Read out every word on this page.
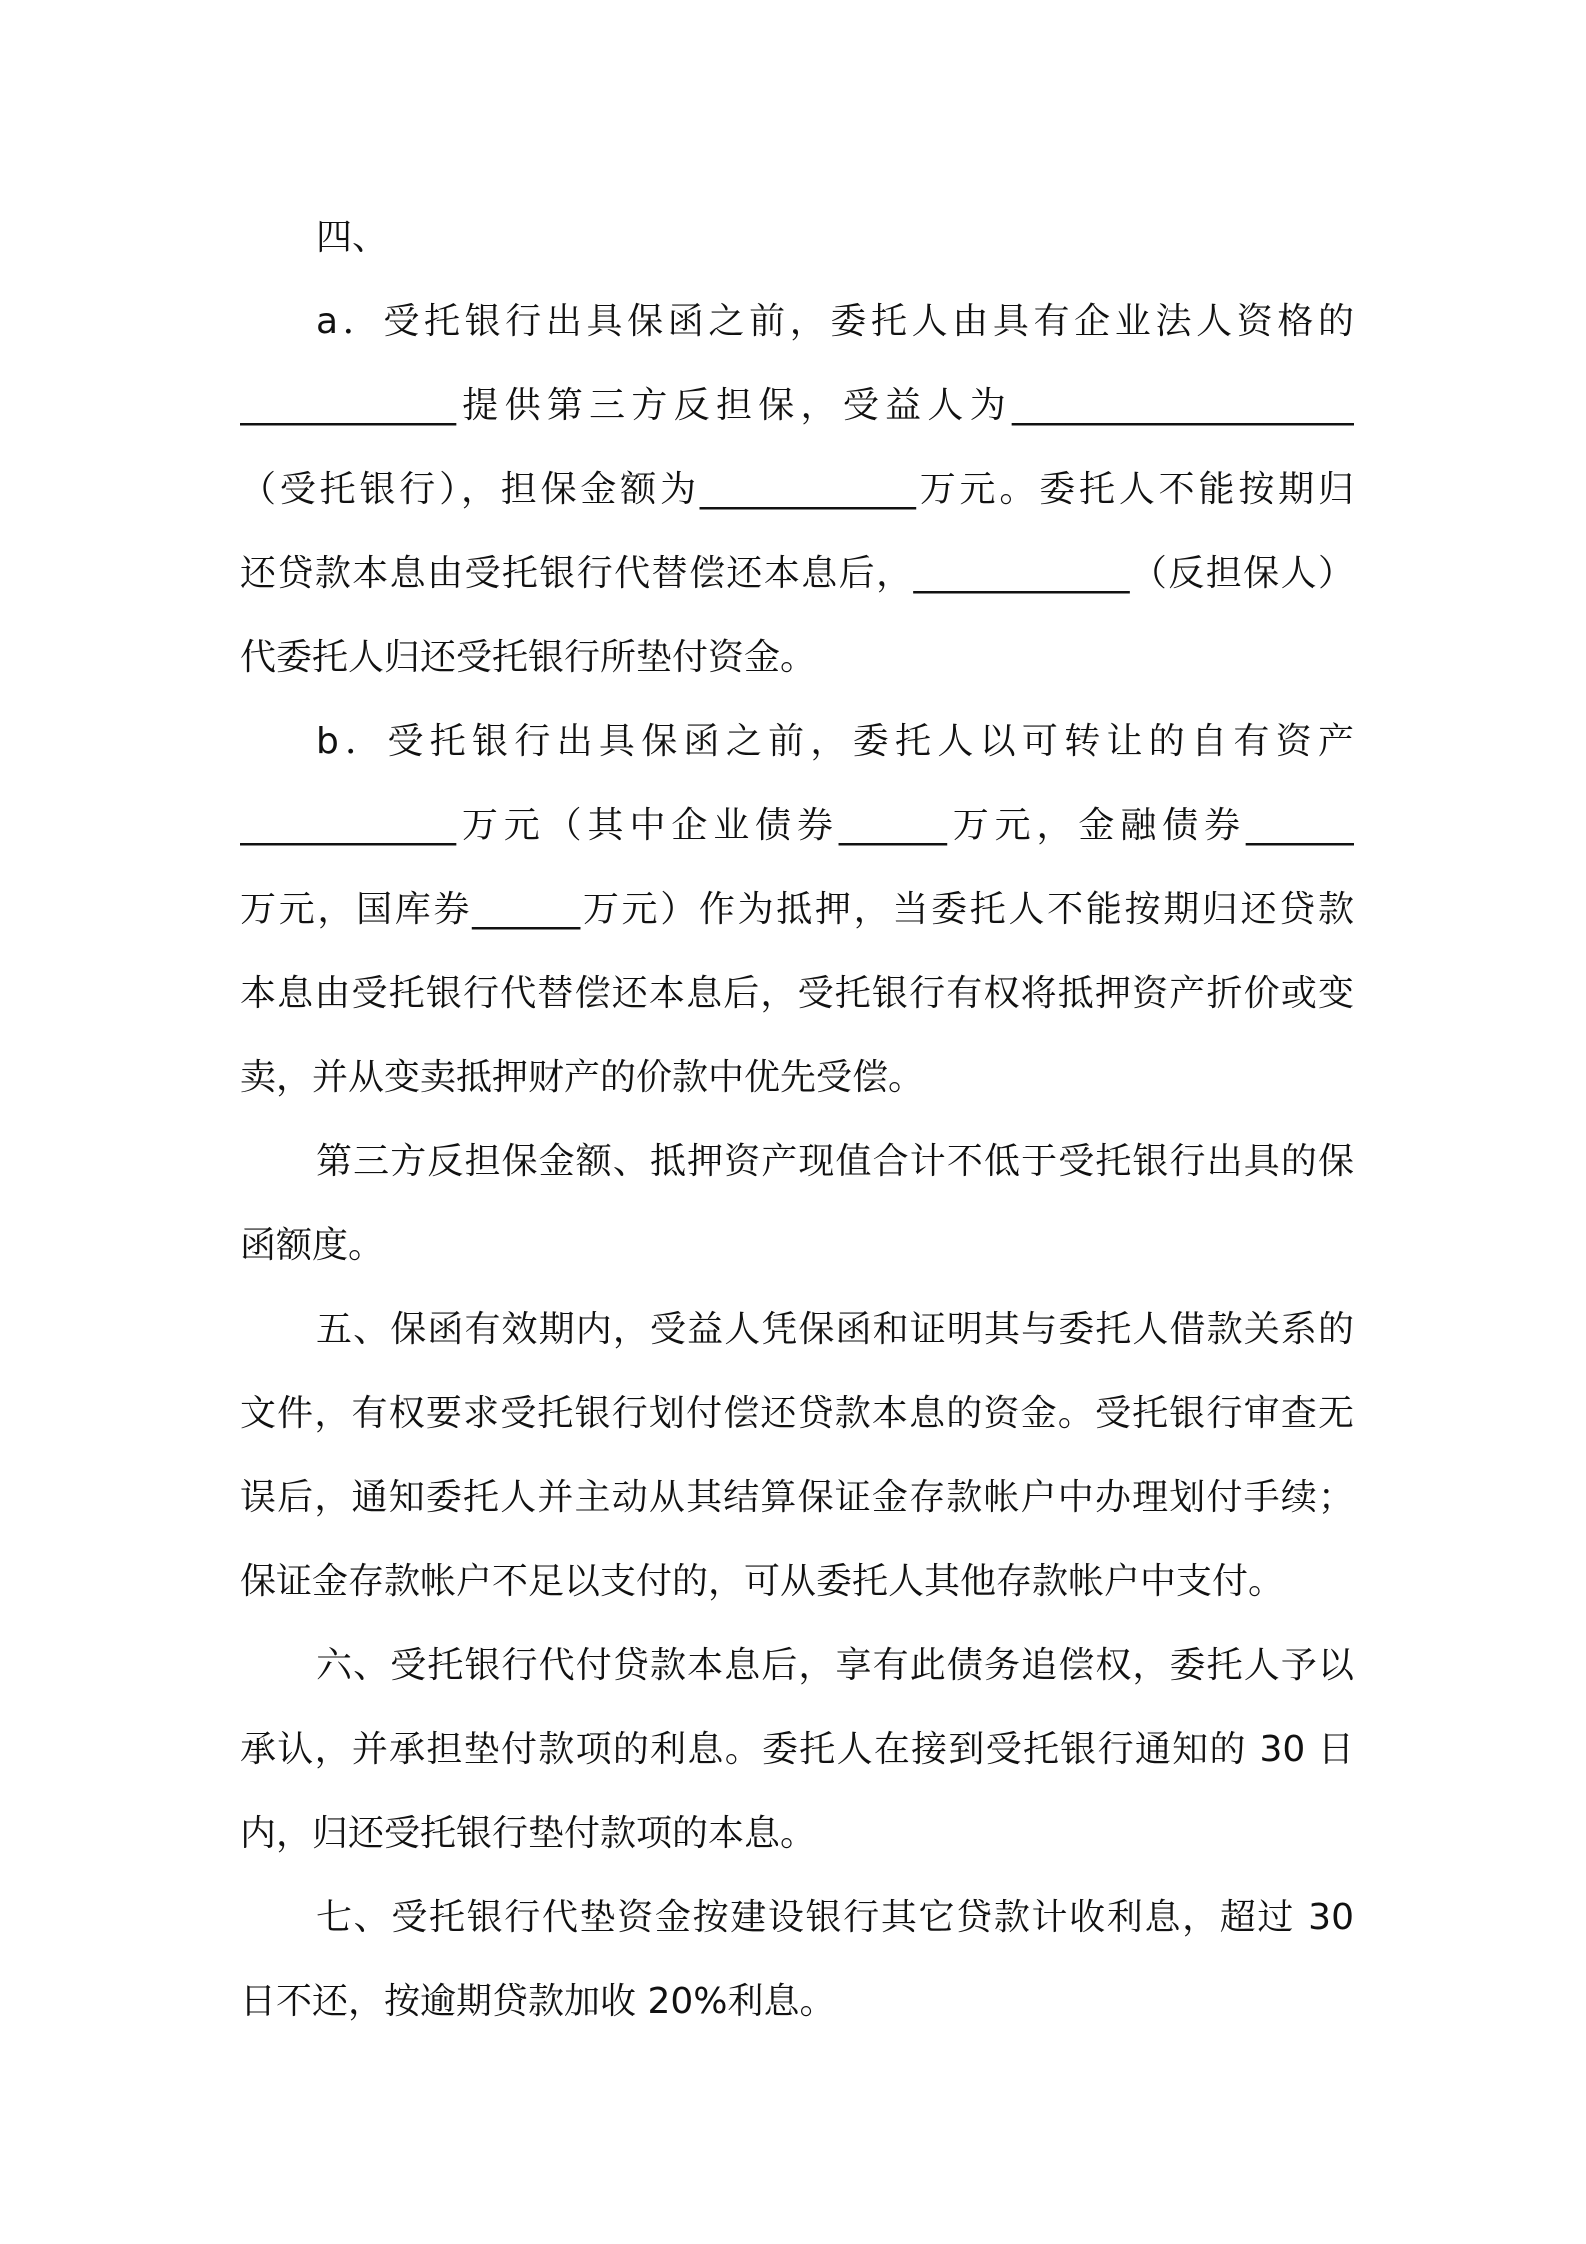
四、
a．受托银行出具保函之前，委托人由具有企业法人资格的
____________提供第三方反担保，受益人为___________________
（受托银行），担保金额为____________万元。委托人不能按期归
还贷款本息由受托银行代替偿还本息后，____________（反担保人）
代委托人归还受托银行所垫付资金。
b．受托银行出具保函之前，委托人以可转让的自有资产
____________万元（其中企业债券______万元，金融债券______
万元，国库券______万元）作为抵押，当委托人不能按期归还贷款
本息由受托银行代替偿还本息后，受托银行有权将抵押资产折价或变
卖，并从变卖抵押财产的价款中优先受偿。
第三方反担保金额、抵押资产现值合计不低于受托银行出具的保
函额度。
五、保函有效期内，受益人凭保函和证明其与委托人借款关系的
文件，有权要求受托银行划付偿还贷款本息的资金。受托银行审查无
误后，通知委托人并主动从其结算保证金存款帐户中办理划付手续；
保证金存款帐户不足以支付的，可从委托人其他存款帐户中支付。
六、受托银行代付贷款本息后，享有此债务追偿权，委托人予以
承认，并承担垫付款项的利息。委托人在接到受托银行通知的 30 日
内，归还受托银行垫付款项的本息。
七、受托银行代垫资金按建设银行其它贷款计收利息，超过 30
日不还，按逾期贷款加收 20%利息。
